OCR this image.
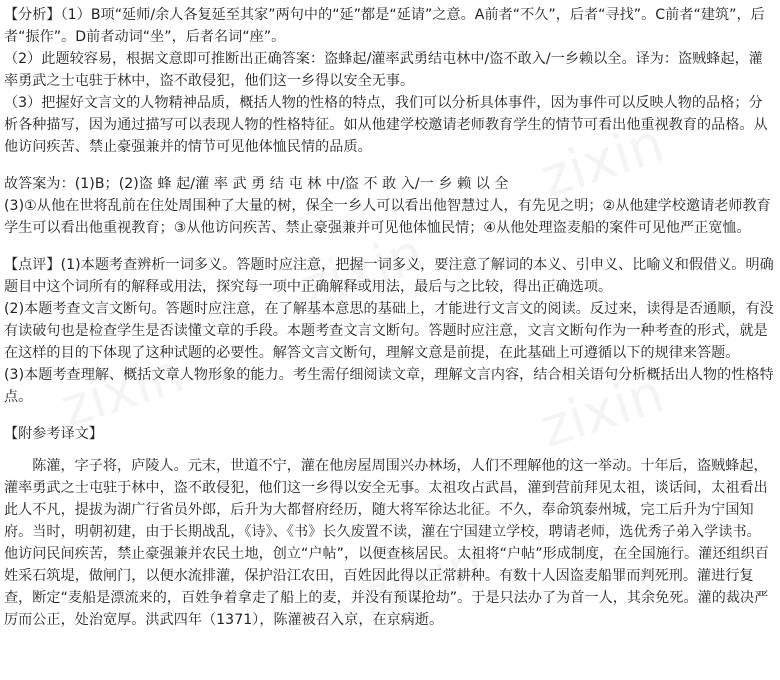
【分析】（1）B项“延师/余人各复延至其家”两句中的“延”都是“延请”之意。A前者“不久”，后者“寻找”。C前者“建筑”，后者“振作”。D前者动词“坐”，后者名词“座”。

（2）此题较容易，根据文意即可推断出正确答案：盗蜂起/灌率武勇结屯林中/盗不敢入/一乡赖以全。译为：盗贼蜂起，灌率勇武之士屯驻于林中，盗不敢侵犯，他们这一乡得以安全无事。

（3）把握好文言文的人物精神品质，概括人物的性格的特点，我们可以分析具体事件，因为事件可以反映人物的品格；分析各种描写，因为通过描写可以表现人物的性格特征。如从他建学校邀请老师教育学生的情节可看出他重视教育的品格。从他访问疾苦、禁止豪强兼并的情节可见他体恤民情的品质。

故答案为：(1)B；(2)盗 蜂 起/灌 率 武 勇 结 屯 林 中/盗 不 敢 入/一 乡 赖 以 全

(3)①从他在世将乱前在住处周围种了大量的树，保全一乡人可以看出他智慧过人，有先见之明；②从他建学校邀请老师教育学生可以看出他重视教育；③从他访问疾苦、禁止豪强兼并可见他体恤民情；④从他处理盗麦船的案件可见他严正宽恤。

【点评】(1)本题考查辨析一词多义。答题时应注意，把握一词多义，要注意了解词的本义、引申义、比喻义和假借义。明确题目中这个词所有的解释或用法，探究每一项中正确解释或用法，最后与之比较，得出正确选项。

(2)本题考查文言文断句。答题时应注意，在了解基本意思的基础上，才能进行文言文的阅读。反过来，读得是否通顺，有没有读破句也是检查学生是否读懂文章的手段。本题考查文言文断句。答题时应注意，文言文断句作为一种考查的形式，就是在这样的目的下体现了这种试题的必要性。解答文言文断句，理解文意是前提，在此基础上可遵循以下的规律来答题。

(3)本题考查理解、概括文章人物形象的能力。考生需仔细阅读文章，理解文言内容，结合相关语句分析概括出人物的性格特点。

【附参考译文】

陈灌，字子将，庐陵人。元末，世道不宁，灌在他房屋周围兴办林场，人们不理解他的这一举动。十年后，盗贼蜂起，灌率勇武之士屯驻于林中，盗不敢侵犯，他们这一乡得以安全无事。太祖攻占武昌，灌到营前拜见太祖，谈话间，太祖看出此人不凡，提拔为湖广行省员外郎，后升为大都督府经历，随大将军徐达北征。不久，奉命筑泰州城，完工后升为宁国知府。当时，明朝初建，由于长期战乱，《诗》、《书》长久废置不读，灌在宁国建立学校，聘请老师，选优秀子弟入学读书。他访问民间疾苦，禁止豪强兼并农民土地，创立“户帖”，以便查核居民。太祖将“户帖”形成制度，在全国施行。灌还组织百姓采石筑堤，做闸门，以便水流排灌，保护沿江农田，百姓因此得以正常耕种。有数十人因盗麦船罪而判死刑。灌进行复查，断定“麦船是漂流来的，百姓争着拿走了船上的麦，并没有预谋抢劫”。于是只法办了为首一人，其余免死。灌的裁决严厉而公正，处治宽厚。洪武四年（1371），陈灌被召入京，在京病逝。
